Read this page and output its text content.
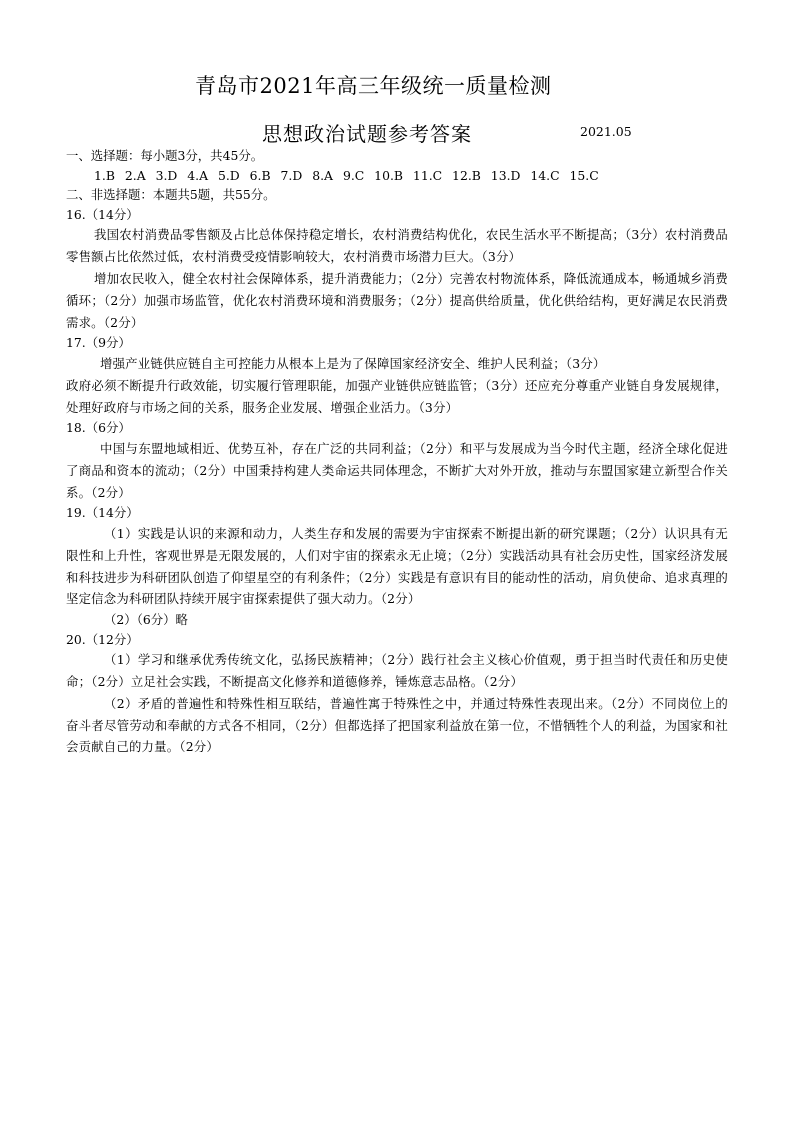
青岛市2021年高三年级统一质量检测
思想政治试题参考答案	2021.05
一、选择题：每小题3分，共45分。
1.B 2.A 3.D 4.A 5.D 6.B 7.D 8.A 9.C 10.B 11.C 12.B 13.D 14.C 15.C
二、非选择题：本题共5题，共55分。
16.（14分）
我国农村消费品零售额及占比总体保持稳定增长，农村消费结构优化，农民生活水平不断提高；（3分）农村消费品零售额占比依然过低，农村消费受疫情影响较大，农村消费市场潜力巨大。（3分）
增加农民收入，健全农村社会保障体系，提升消费能力；（2分）完善农村物流体系，降低流通成本，畅通城乡消费循环；（2分）加强市场监管，优化农村消费环境和消费服务；（2分）提高供给质量，优化供给结构，更好满足农民消费需求。（2分）
17.（9分）
增强产业链供应链自主可控能力从根本上是为了保障国家经济安全、维护人民利益；（3分）
政府必须不断提升行政效能，切实履行管理职能，加强产业链供应链监管；（3分）还应充分尊重产业链自身发展规律，处理好政府与市场之间的关系，服务企业发展、增强企业活力。（3分）
18.（6分）
中国与东盟地域相近、优势互补，存在广泛的共同利益；（2分）和平与发展成为当今时代主题，经济全球化促进了商品和资本的流动；（2分）中国秉持构建人类命运共同体理念，不断扩大对外开放，推动与东盟国家建立新型合作关系。（2分）
19.（14分）
（1）实践是认识的来源和动力，人类生存和发展的需要为宇宙探索不断提出新的研究课题；（2分）认识具有无限性和上升性，客观世界是无限发展的，人们对宇宙的探索永无止境；（2分）实践活动具有社会历史性，国家经济发展和科技进步为科研团队创造了仰望星空的有利条件；（2分）实践是有意识有目的能动性的活动，肩负使命、追求真理的坚定信念为科研团队持续开展宇宙探索提供了强大动力。（2分）
（2）（6分）略
20.（12分）
（1）学习和继承优秀传统文化，弘扬民族精神；（2分）践行社会主义核心价值观，勇于担当时代责任和历史使命；（2分）立足社会实践，不断提高文化修养和道德修养，锤炼意志品格。（2分）
（2）矛盾的普遍性和特殊性相互联结，普遍性寓于特殊性之中，并通过特殊性表现出来。（2分）不同岗位上的奋斗者尽管劳动和奉献的方式各不相同，（2分）但都选择了把国家利益放在第一位，不惜牺牲个人的利益，为国家和社会贡献自己的力量。（2分）
